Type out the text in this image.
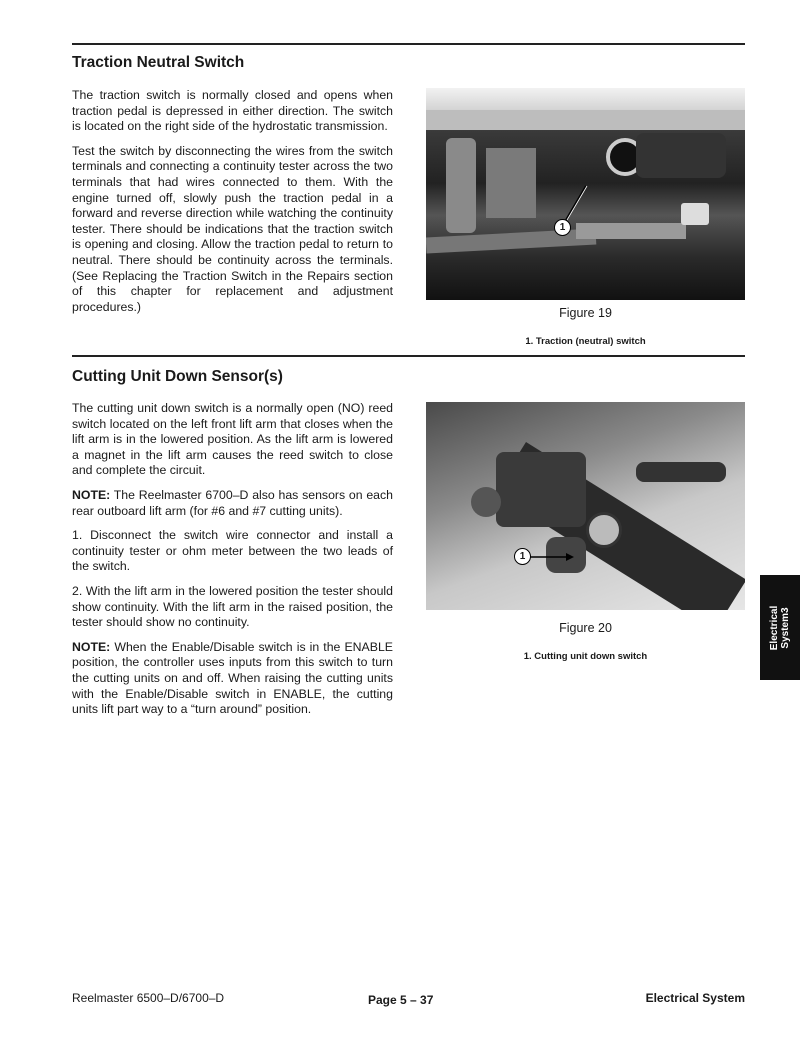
Traction Neutral Switch

The traction switch is normally closed and opens when traction pedal is depressed in either direction. The switch is located on the right side of the hydrostatic transmission.

Test the switch by disconnecting the wires from the switch terminals and connecting a continuity tester across the two terminals that had wires connected to them. With the engine turned off, slowly push the traction pedal in a forward and reverse direction while watching the continuity tester. There should be indications that the traction switch is opening and closing. Allow the traction pedal to return to neutral. There should be continuity across the terminals. (See Replacing the Traction Switch in the Repairs section of this chapter for replacement and adjustment procedures.)

1
Figure 19
1. Traction (neutral) switch
Cutting Unit Down Sensor(s)

The cutting unit down switch is a normally open (NO) reed switch located on the left front lift arm that closes when the lift arm is in the lowered position. As the lift arm is lowered a magnet in the lift arm causes the reed switch to close and complete the circuit.

NOTE: The Reelmaster 6700–D also has sensors on each rear outboard lift arm (for #6 and #7 cutting units).

1. Disconnect the switch wire connector and install a continuity tester or ohm meter between the two leads of the switch.

2. With the lift arm in the lowered position the tester should show continuity. With the lift arm in the raised position, the tester should show no continuity.

NOTE: When the Enable/Disable switch is in the ENABLE position, the controller uses inputs from this switch to turn the cutting units on and off. When raising the cutting units with the Enable/Disable switch in ENABLE, the cutting units lift part way to a “turn around” position.

1
Figure 20
1. Cutting unit down switch
Electrical System3
Reelmaster 6500–D/6700–D	Page 5 – 37	Electrical System
